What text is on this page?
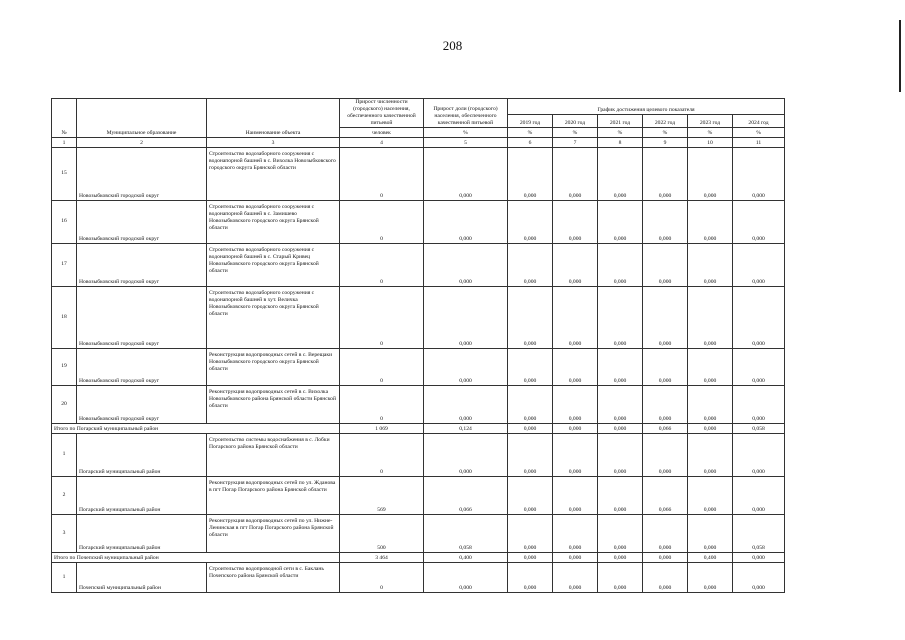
208
№	Муниципальное образование	Наименование объекта	Прирост численности (городского) населения, обеспеченного качественной питьевой	Прирост доли (городского) населения, обеспеченного качественной питьевой	График достижения целевого показателя					
					2019 год	2020 год	2021 год	2022 год	2023 год	2024 год
			человек	%	%	%	%	%	%	%
1	2	3	4	5	6	7	8	9	10	11
15	Новозыбковский городской округ	Строительство водозаборного сооружения с водонапорной башней в с. Вихолка Новозыбковского городского округа Брянской области	0	0,000	0,000	0,000	0,000	0,000	0,000	0,000
16	Новозыбковский городской округ	Строительство водозаборного сооружения с водонапорной башней в с. Замишево Новозыбковского городского округа Брянской области	0	0,000	0,000	0,000	0,000	0,000	0,000	0,000
17	Новозыбковский городской округ	Строительство водозаборного сооружения с водонапорной башней в с. Старый Кривец Новозыбковского городского округа Брянской области	0	0,000	0,000	0,000	0,000	0,000	0,000	0,000
18	Новозыбковский городской округ	Строительство водозаборного сооружения с водонапорной башней в хут. Величка Новозыбковского городского округа Брянской области	0	0,000	0,000	0,000	0,000	0,000	0,000	0,000
19	Новозыбковский городской округ	Реконструкция водопроводных сетей в с. Верещаки Новозыбковского городского округа Брянской области	0	0,000	0,000	0,000	0,000	0,000	0,000	0,000
20	Новозыбковский городской округ	Реконструкция водопроводных сетей в с. Вихолка Новозыбковского района Брянской области Брянской области	0	0,000	0,000	0,000	0,000	0,000	0,000	0,000
Итого по Погарский муниципальный район			1 069	0,124	0,000	0,000	0,000	0,066	0,000	0,058
1	Погарский муниципальный район	Строительство системы водоснабжения в с. Лобки Погарского района Брянской области	0	0,000	0,000	0,000	0,000	0,000	0,000	0,000
2	Погарский муниципальный район	Реконструкция водопроводных сетей по ул. Жданова в пгт Погар Погарского района Брянской области	569	0,066	0,000	0,000	0,000	0,066	0,000	0,000
3	Погарский муниципальный район	Реконструкция водопроводных сетей по ул. Нижне-Ленинская в пгт Погар Погарского района Брянской области	500	0,058	0,000	0,000	0,000	0,000	0,000	0,058
Итого по Почепский муниципальный район			3 464	0,400	0,000	0,000	0,000	0,000	0,400	0,000
1	Почепский муниципальный район	Строительство водопроводной сети в с. Баклань Почепского района Брянской области	0	0,000	0,000	0,000	0,000	0,000	0,000	0,000
